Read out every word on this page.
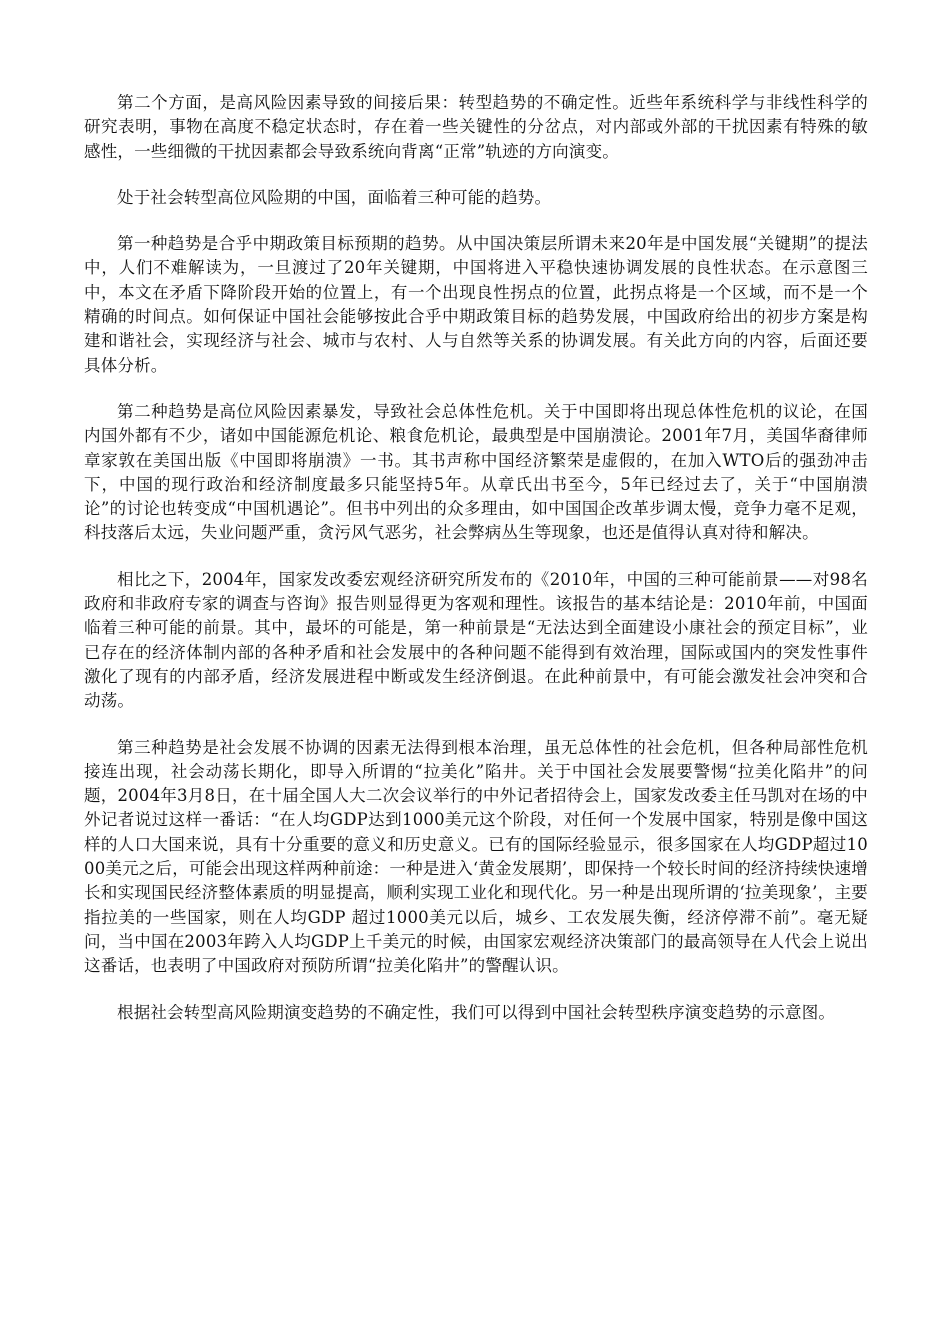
第二个方面，是高风险因素导致的间接后果：转型趋势的不确定性。近些年系统科学与非线性科学的研究表明，事物在高度不稳定状态时，存在着一些关键性的分岔点，对内部或外部的干扰因素有特殊的敏感性，一些细微的干扰因素都会导致系统向背离“正常”轨迹的方向演变。

处于社会转型高位风险期的中国，面临着三种可能的趋势。

第一种趋势是合乎中期政策目标预期的趋势。从中国决策层所谓未来20年是中国发展“关键期”的提法中，人们不难解读为，一旦渡过了20年关键期，中国将进入平稳快速协调发展的良性状态。在示意图三中，本文在矛盾下降阶段开始的位置上，有一个出现良性拐点的位置，此拐点将是一个区域，而不是一个精确的时间点。如何保证中国社会能够按此合乎中期政策目标的趋势发展，中国政府给出的初步方案是构建和谐社会，实现经济与社会、城市与农村、人与自然等关系的协调发展。有关此方向的内容，后面还要具体分析。

第二种趋势是高位风险因素暴发，导致社会总体性危机。关于中国即将出现总体性危机的议论，在国内国外都有不少，诸如中国能源危机论、粮食危机论，最典型是中国崩溃论。2001年7月，美国华裔律师章家敦在美国出版《中国即将崩溃》一书。其书声称中国经济繁荣是虚假的，在加入WTO后的强劲冲击下，中国的现行政治和经济制度最多只能坚持5年。从章氏出书至今，5年已经过去了，关于“中国崩溃论”的讨论也转变成“中国机遇论”。但书中列出的众多理由，如中国国企改革步调太慢，竞争力毫不足观，科技落后太远，失业问题严重，贪污风气恶劣，社会弊病丛生等现象，也还是值得认真对待和解决。

相比之下，2004年，国家发改委宏观经济研究所发布的《2010年，中国的三种可能前景——对98名政府和非政府专家的调查与咨询》报告则显得更为客观和理性。该报告的基本结论是：2010年前，中国面临着三种可能的前景。其中，最坏的可能是，第一种前景是“无法达到全面建设小康社会的预定目标”，业已存在的经济体制内部的各种矛盾和社会发展中的各种问题不能得到有效治理，国际或国内的突发性事件激化了现有的内部矛盾，经济发展进程中断或发生经济倒退。在此种前景中，有可能会激发社会冲突和合动荡。

第三种趋势是社会发展不协调的因素无法得到根本治理，虽无总体性的社会危机，但各种局部性危机接连出现，社会动荡长期化，即导入所谓的“拉美化”陷井。关于中国社会发展要警惕“拉美化陷井”的问题，2004年3月8日，在十届全国人大二次会议举行的中外记者招待会上，国家发改委主任马凯对在场的中外记者说过这样一番话：“在人均GDP达到1000美元这个阶段，对任何一个发展中国家，特别是像中国这样的人口大国来说，具有十分重要的意义和历史意义。已有的国际经验显示，很多国家在人均GDP超过1000美元之后，可能会出现这样两种前途：一种是进入‘黄金发展期’，即保持一个较长时间的经济持续快速增长和实现国民经济整体素质的明显提高，顺利实现工业化和现代化。另一种是出现所谓的‘拉美现象’，主要指拉美的一些国家，则在人均GDP 超过1000美元以后，城乡、工农发展失衡，经济停滞不前”。毫无疑问，当中国在2003年跨入人均GDP上千美元的时候，由国家宏观经济决策部门的最高领导在人代会上说出这番话，也表明了中国政府对预防所谓“拉美化陷井”的警醒认识。

根据社会转型高风险期演变趋势的不确定性，我们可以得到中国社会转型秩序演变趋势的示意图。
